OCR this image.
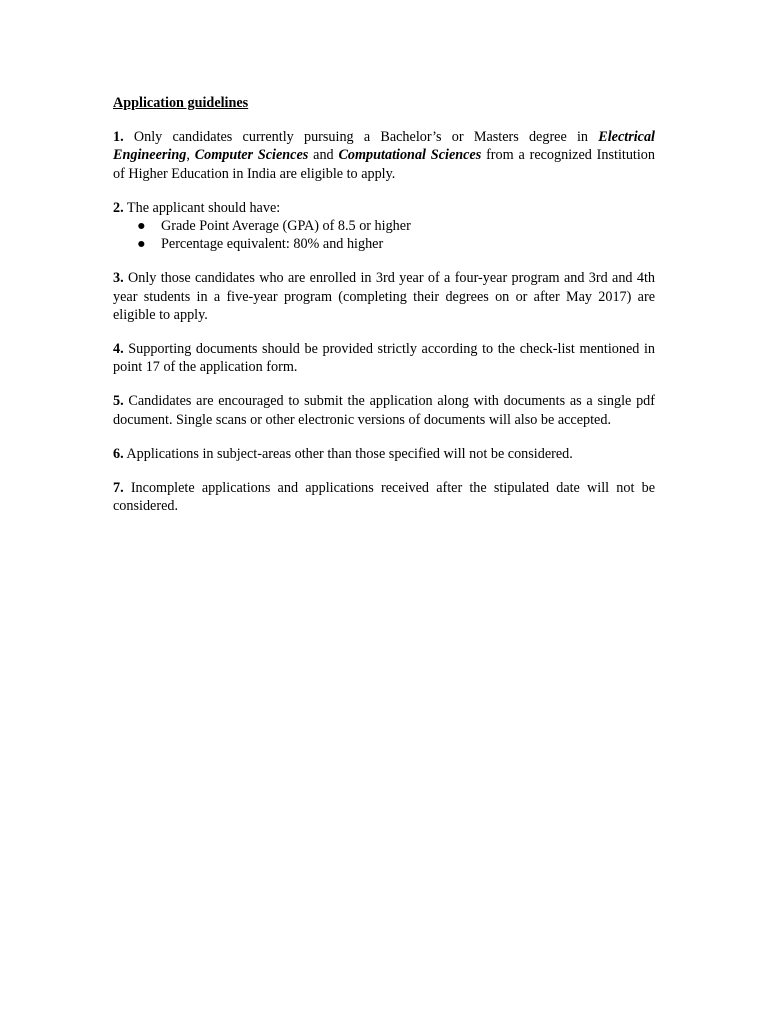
Application guidelines

1. Only candidates currently pursuing a Bachelor’s or Masters degree in Electrical Engineering, Computer Sciences and Computational Sciences from a recognized Institution of Higher Education in India are eligible to apply.

2. The applicant should have:
● Grade Point Average (GPA) of 8.5 or higher
● Percentage equivalent: 80% and higher

3. Only those candidates who are enrolled in 3rd year of a four-year program and 3rd and 4th year students in a five-year program (completing their degrees on or after May 2017) are eligible to apply.

4. Supporting documents should be provided strictly according to the check-list mentioned in point 17 of the application form.

5. Candidates are encouraged to submit the application along with documents as a single pdf document. Single scans or other electronic versions of documents will also be accepted.

6. Applications in subject-areas other than those specified will not be considered.

7. Incomplete applications and applications received after the stipulated date will not be considered.
